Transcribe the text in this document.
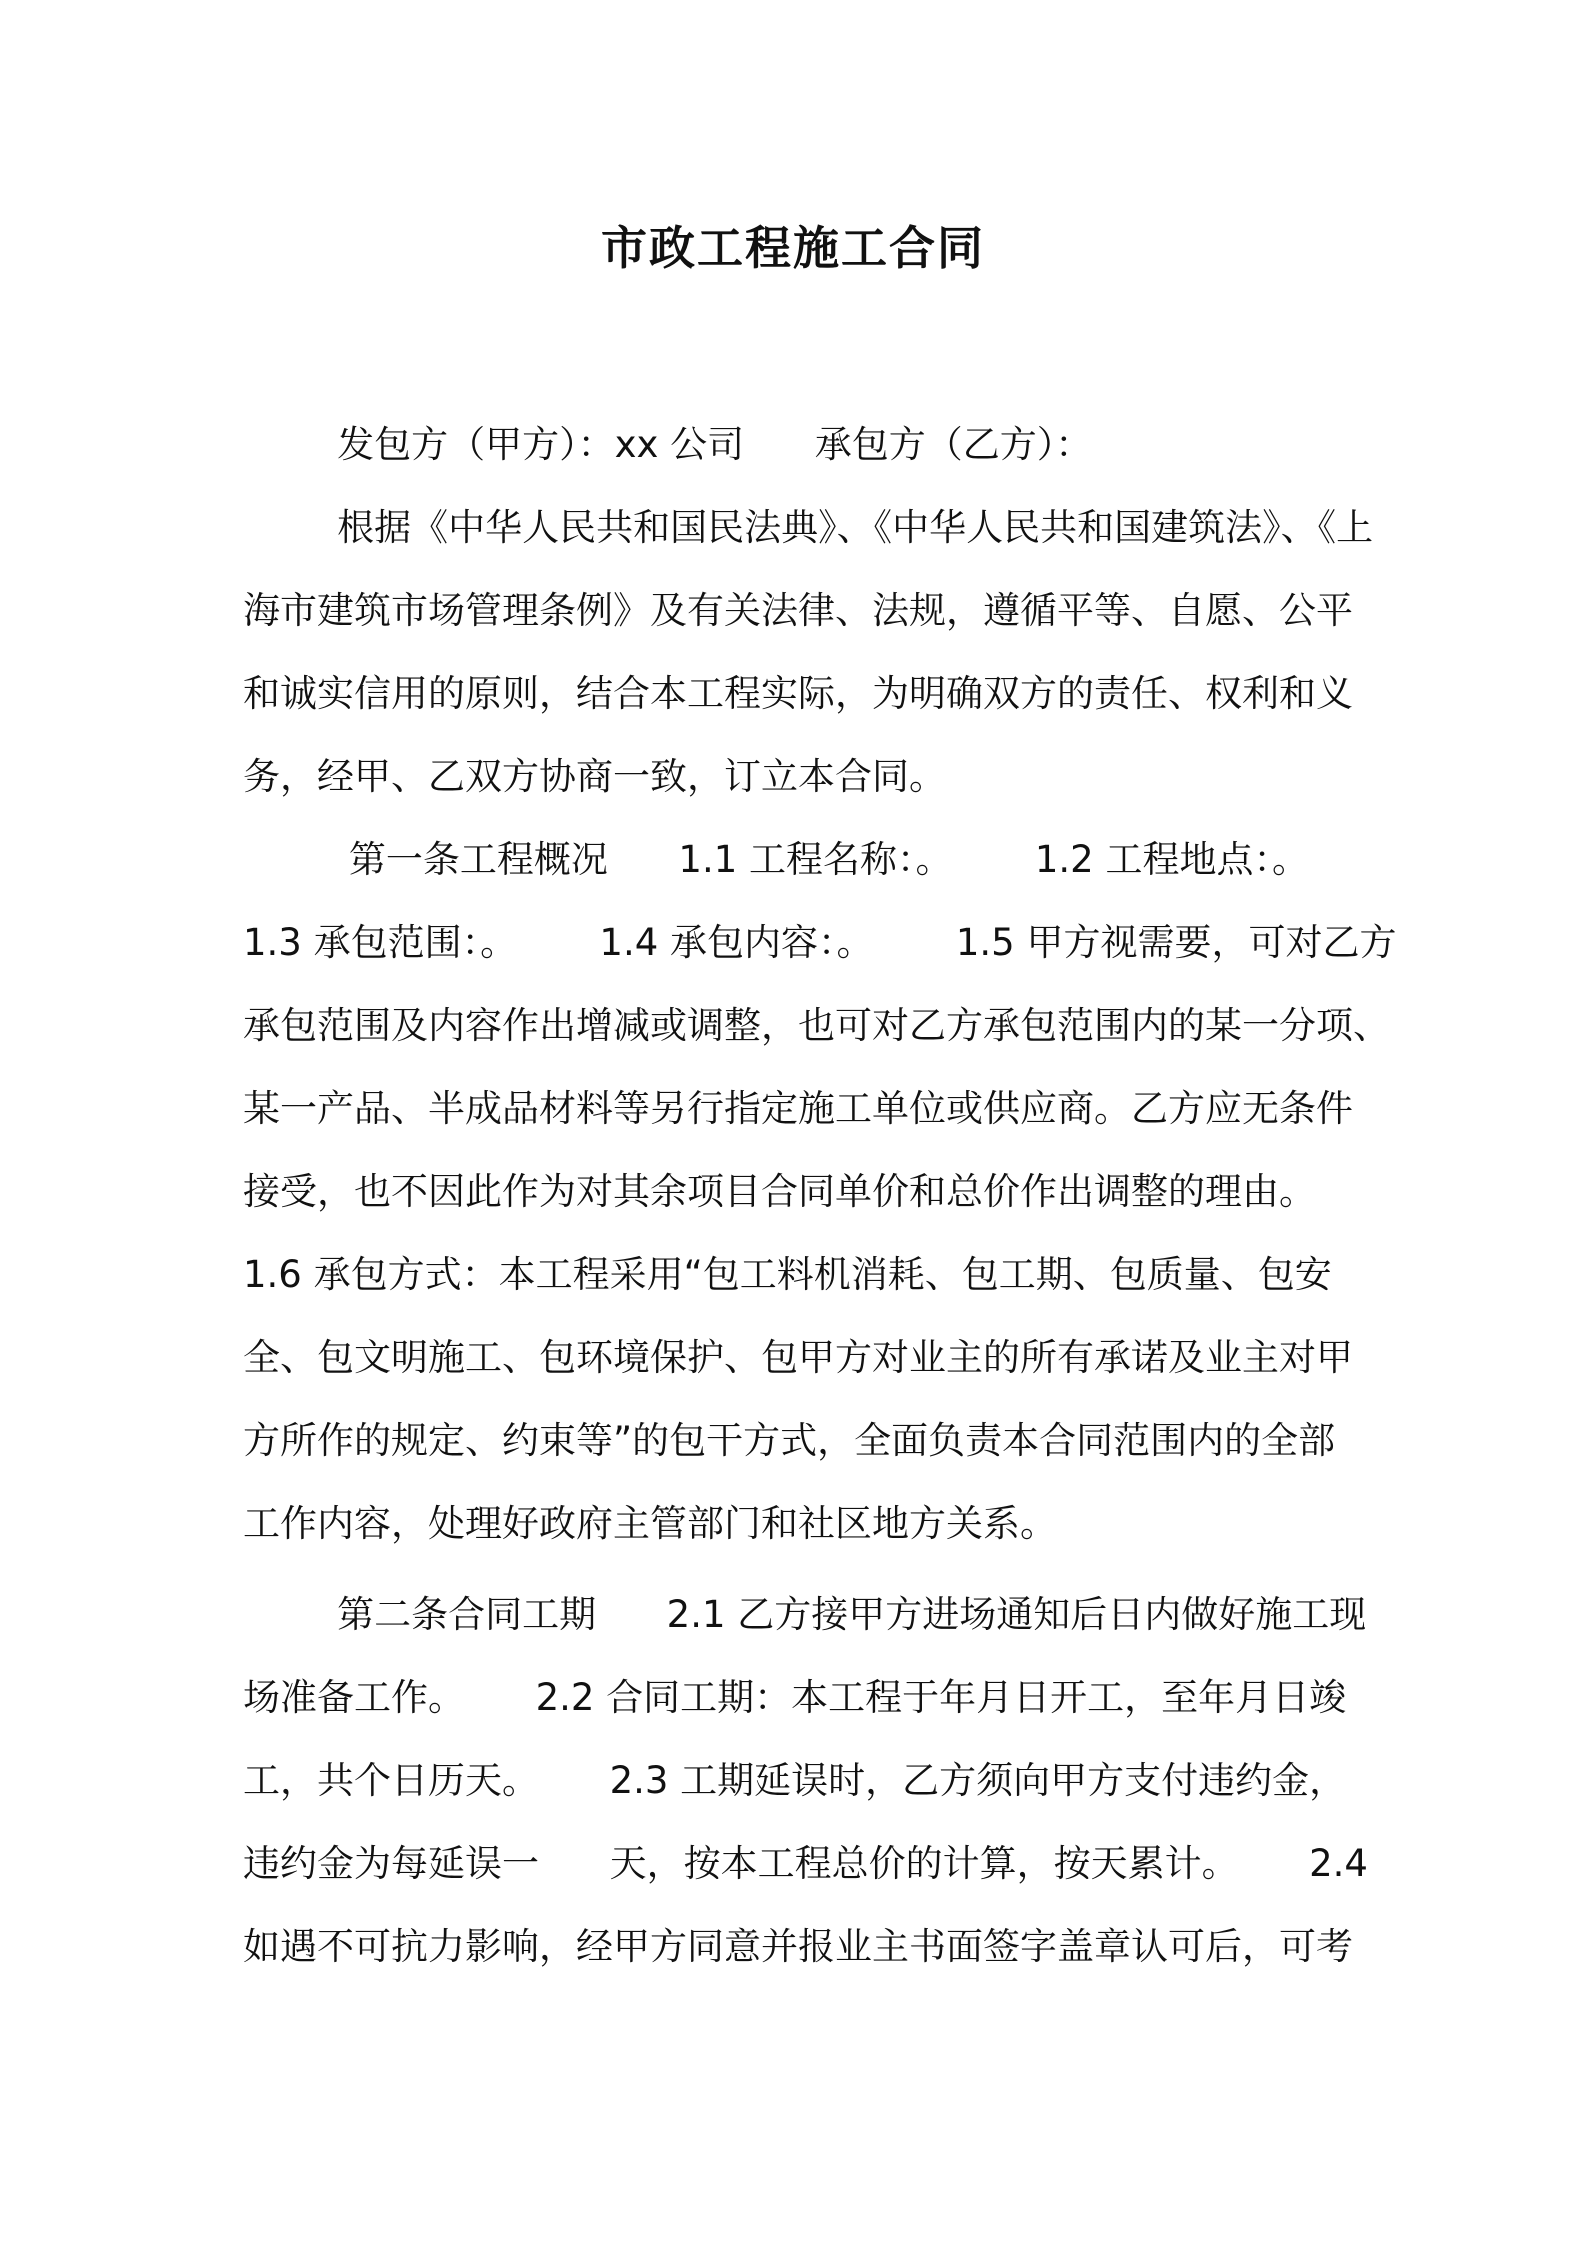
市政工程施工合同
发包方（甲方）：xx 公司      承包方（乙方）：
根据《中华人民共和国民法典》、《中华人民共和国建筑法》、《上
海市建筑市场管理条例》及有关法律、法规，遵循平等、自愿、公平
和诚实信用的原则，结合本工程实际，为明确双方的责任、权利和义
务，经甲、乙双方协商一致，订立本合同。
第一条工程概况      1.1 工程名称：。       1.2 工程地点：。
1.3 承包范围：。       1.4 承包内容：。       1.5 甲方视需要，可对乙方
承包范围及内容作出增减或调整，也可对乙方承包范围内的某一分项、
某一产品、半成品材料等另行指定施工单位或供应商。乙方应无条件
接受，也不因此作为对其余项目合同单价和总价作出调整的理由。
1.6 承包方式：本工程采用“包工料机消耗、包工期、包质量、包安
全、包文明施工、包环境保护、包甲方对业主的所有承诺及业主对甲
方所作的规定、约束等”的包干方式，全面负责本合同范围内的全部
工作内容，处理好政府主管部门和社区地方关系。
第二条合同工期      2.1 乙方接甲方进场通知后日内做好施工现
场准备工作。      2.2 合同工期：本工程于年月日开工，至年月日竣
工，共个日历天。      2.3 工期延误时，乙方须向甲方支付违约金，
违约金为每延误一      天，按本工程总价的计算，按天累计。      2.4
如遇不可抗力影响，经甲方同意并报业主书面签字盖章认可后，可考
